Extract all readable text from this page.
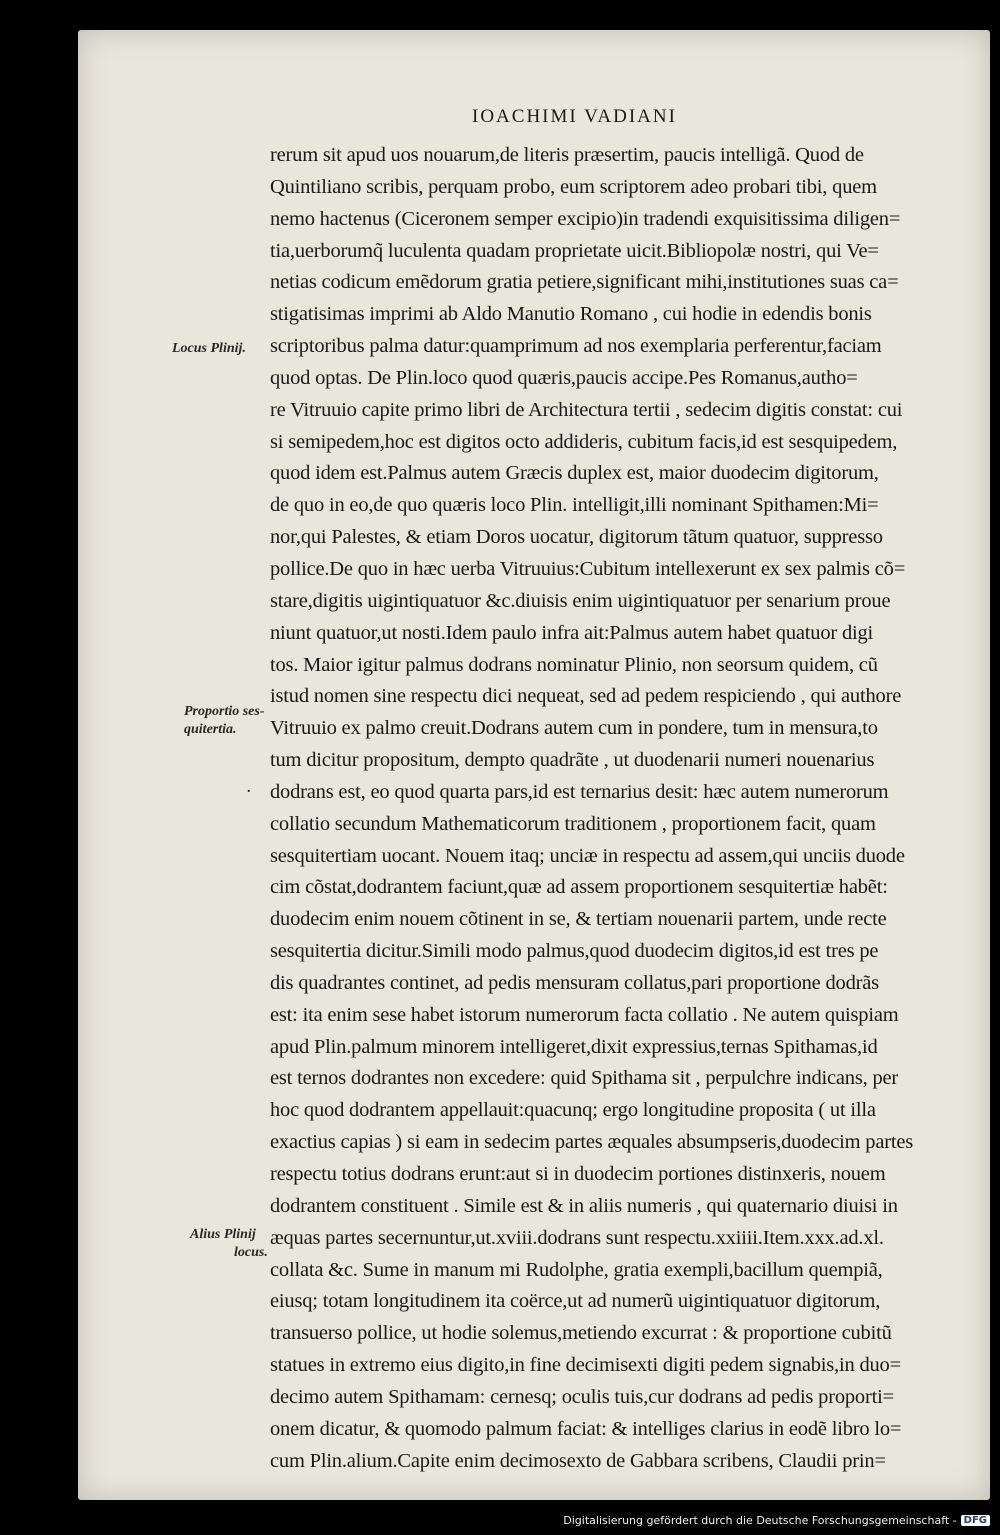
IOACHIMI VADIANI
Locus Plinij.
Proportio ses-
quitertia.
.
Alius Plinij
locus.
rerum sit apud uos nouarum,de literis præsertim, paucis intelligã. Quod de
Quintiliano scribis, perquam probo, eum scriptorem adeo probari tibi, quem
nemo hactenus (Ciceronem semper excipio)in tradendi exquisitissima diligen=
tia,uerborumq̃ luculenta quadam proprietate uicit.Bibliopolæ nostri, qui Ve=
netias codicum emẽdorum gratia petiere,significant mihi,institutiones suas ca=
stigatisimas imprimi ab Aldo Manutio Romano , cui hodie in edendis bonis
scriptoribus palma datur:quamprimum ad nos exemplaria perferentur,faciam
quod optas. De Plin.loco quod quæris,paucis accipe.Pes Romanus,autho=
re Vitruuio capite primo libri de Architectura tertii , sedecim digitis constat: cui
si semipedem,hoc est digitos octo addideris, cubitum facis,id est sesquipedem,
quod idem est.Palmus autem Græcis duplex est, maior duodecim digitorum,
de quo in eo,de quo quæris loco Plin. intelligit,illi nominant Spithamen:Mi=
nor,qui Palestes, & etiam Doros uocatur, digitorum tãtum quatuor, suppresso
pollice.De quo in hæc uerba Vitruuius:Cubitum intellexerunt ex sex palmis cõ=
stare,digitis uigintiquatuor &c.diuisis enim uigintiquatuor per senarium proue
niunt quatuor,ut nosti.Idem paulo infra ait:Palmus autem habet quatuor digi
tos. Maior igitur palmus dodrans nominatur Plinio, non seorsum quidem, cũ
istud nomen sine respectu dici nequeat, sed ad pedem respiciendo , qui authore
Vitruuio ex palmo creuit.Dodrans autem cum in pondere, tum in mensura,to
tum dicitur propositum, dempto quadrãte , ut duodenarii numeri nouenarius
dodrans est, eo quod quarta pars,id est ternarius desit: hæc autem numerorum
collatio secundum Mathematicorum traditionem , proportionem facit, quam
sesquitertiam uocant. Nouem itaq; unciæ in respectu ad assem,qui unciis duode
cim cõstat,dodrantem faciunt,quæ ad assem proportionem sesquitertiæ habẽt:
duodecim enim nouem cõtinent in se, & tertiam nouenarii partem, unde recte
sesquitertia dicitur.Simili modo palmus,quod duodecim digitos,id est tres pe
dis quadrantes continet, ad pedis mensuram collatus,pari proportione dodrãs
est: ita enim sese habet istorum numerorum facta collatio . Ne autem quispiam
apud Plin.palmum minorem intelligeret,dixit expressius,ternas Spithamas,id
est ternos dodrantes non excedere: quid Spithama sit , perpulchre indicans, per
hoc quod dodrantem appellauit:quacunq; ergo longitudine proposita ( ut illa
exactius capias ) si eam in sedecim partes æquales absumpseris,duodecim partes
respectu totius dodrans erunt:aut si in duodecim portiones distinxeris, nouem
dodrantem constituent . Simile est & in aliis numeris , qui quaternario diuisi in
æquas partes secernuntur,ut.xviii.dodrans sunt respectu.xxiiii.Item.xxx.ad.xl.
collata &c. Sume in manum mi Rudolphe, gratia exempli,bacillum quempiã,
eiusq; totam longitudinem ita coërce,ut ad numerũ uigintiquatuor digitorum,
transuerso pollice, ut hodie solemus,metiendo excurrat : & proportione cubitũ
statues in extremo eius digito,in fine decimisexti digiti pedem signabis,in duo=
decimo autem Spithamam: cernesq; oculis tuis,cur dodrans ad pedis proporti=
onem dicatur, & quomodo palmum faciat: & intelliges clarius in eodẽ libro lo=
cum Plin.alium.Capite enim decimosexto de Gabbara scribens, Claudii prin=
Digitalisierung gefördert durch die Deutsche Forschungsgemeinschaft - DFG
